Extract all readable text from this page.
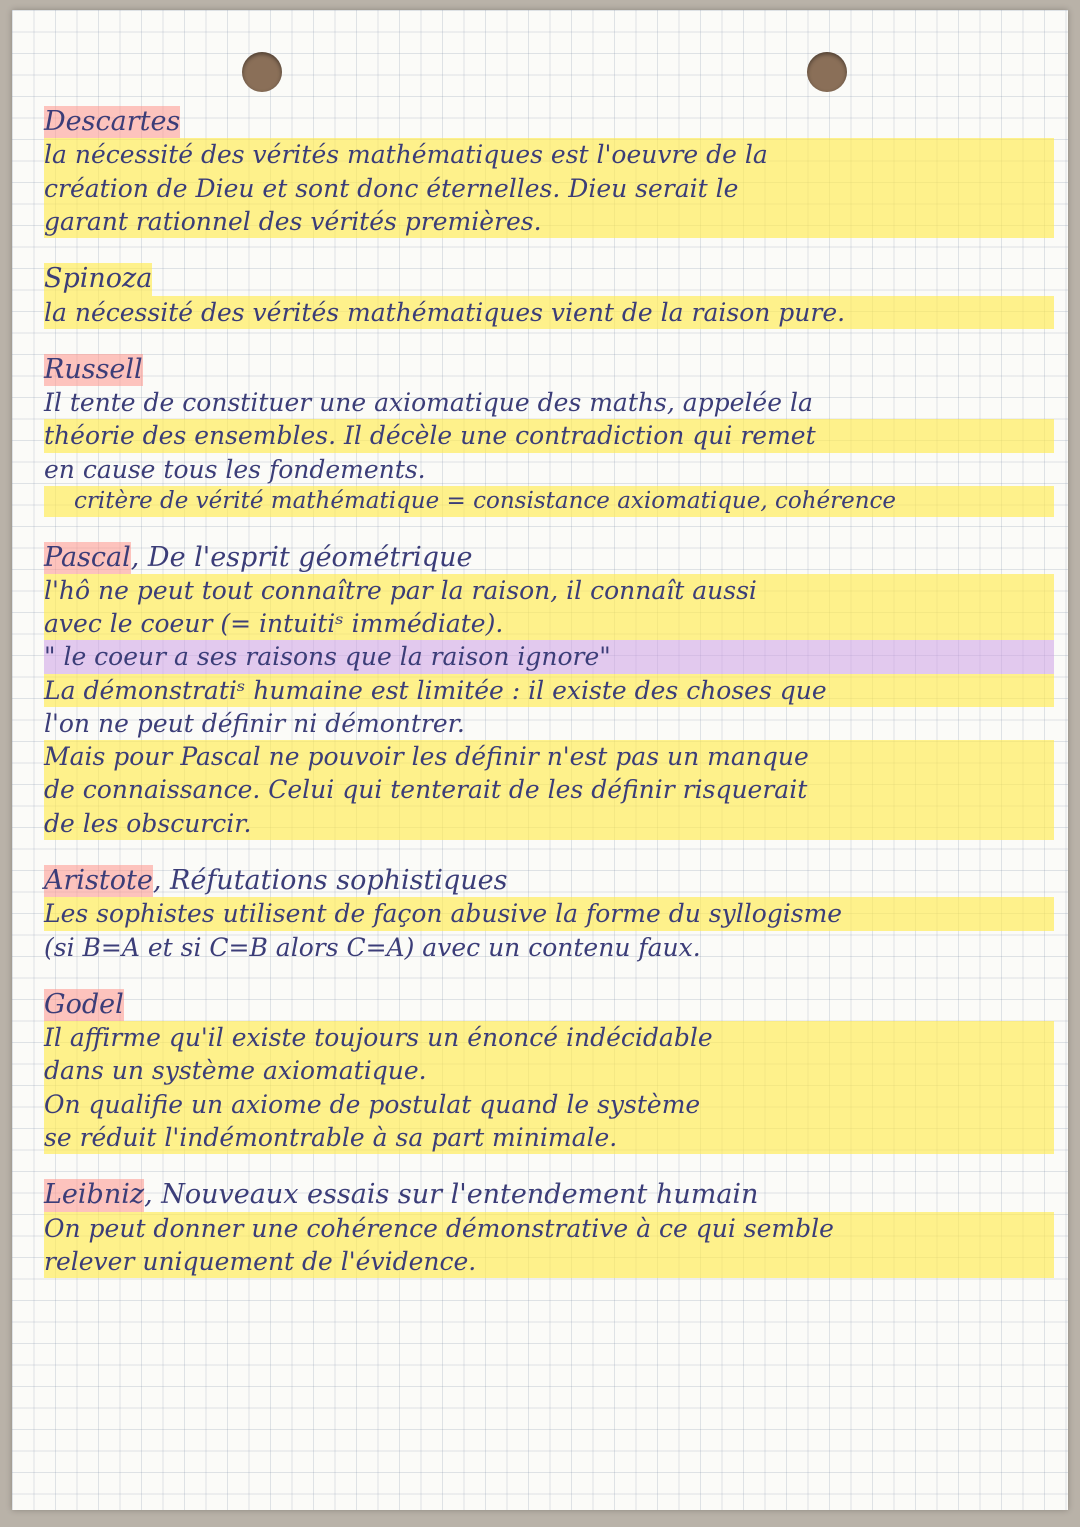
Descartes
la nécessité des vérités mathématiques est l'oeuvre de la
création de Dieu et sont donc éternelles. Dieu serait le
garant rationnel des vérités premières.
Spinoza
la nécessité des vérités mathématiques vient de la raison pure.
Russell
Il tente de constituer une axiomatique des maths, appelée la
théorie des ensembles. Il décèle une contradiction qui remet
en cause tous les fondements.
critère de vérité mathématique = consistance axiomatique, cohérence
Pascal, De l'esprit géométrique
l'hô ne peut tout connaître par la raison, il connaît aussi
avec le coeur (= intuitiˢ immédiate).
" le coeur a ses raisons que la raison ignore"
La démonstratiˢ humaine est limitée : il existe des choses que
l'on ne peut définir ni démontrer.
Mais pour Pascal ne pouvoir les définir n'est pas un manque
de connaissance. Celui qui tenterait de les définir risquerait
de les obscurcir.
Aristote, Réfutations sophistiques
Les sophistes utilisent de façon abusive la forme du syllogisme
(si B=A et si C=B alors C=A) avec un contenu faux.
Godel
Il affirme qu'il existe toujours un énoncé indécidable
dans un système axiomatique.
On qualifie un axiome de postulat quand le système
se réduit l'indémontrable à sa part minimale.
Leibniz, Nouveaux essais sur l'entendement humain
On peut donner une cohérence démonstrative à ce qui semble
relever uniquement de l'évidence.
